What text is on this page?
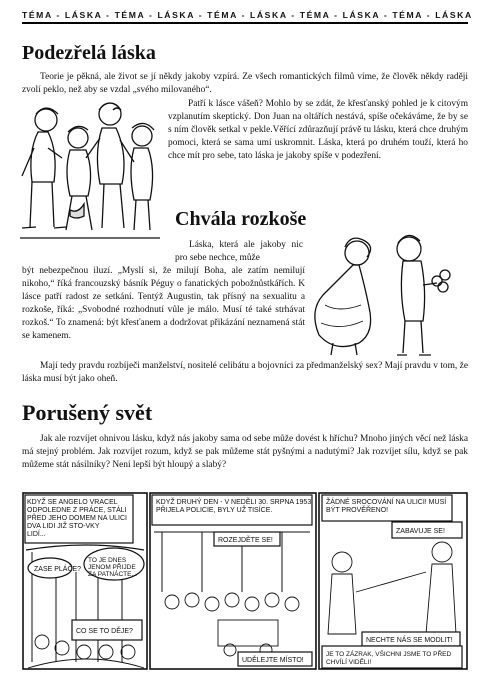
TÉMA - LÁSKA - TÉMA - LÁSKA - TÉMA - LÁSKA - TÉMA - LÁSKA - TÉMA - LÁSKA
Podezřelá láska

Teorie je pěkná, ale život se jí někdy jakoby vzpírá. Ze všech romantických filmů víme, že člověk někdy raději zvolí peklo, než aby se vzdal „svého milovaného“.

Patří k lásce vášeň? Mohlo by se zdát, že křesťanský pohled je k citovým vzplanutím skeptický. Don Juan na oltářích nestává, spíše očekáváme, že by se s ním člověk setkal v pekle.Věřící zdůrazňují právě tu lásku, která chce druhým pomoci, která se sama umí uskromnit. Láska, která po druhém touží, která ho chce mít pro sebe, tato láska je jakoby spíše v podezření.

Chvála rozkoše

Láska, která ale jakoby nic pro sebe nechce, může

být nebezpečnou iluzí. „Myslí si, že milují Boha, ale zatím nemilují nikoho,“ říká francouzský básník Péguy o fanatických pobožnůstkářích. K lásce patří radost ze setkání. Tentýž Augustin, tak přísný na sexualitu a rozkoše, říká: „Svobodné rozhodnutí vůle je málo. Musí té také strhávat rozkoš.“ To znamená: být křesťanem a dodržovat přikázání neznamená stát se kamenem.

Mají tedy pravdu rozbíječi manželství, nositelé celibátu a bojovníci za předmanželský sex? Mají pravdu v tom, že láska musí být jako oheň.

Porušený svět

Jak ale rozvíjet ohnivou lásku, když nás jakoby sama od sebe může dovést k hříchu? Mnoho jiných věcí než láska má stejný problém. Jak rozvíjet rozum, když se pak můžeme stát pyšnými a nadutými? Jak rozvíjet sílu, když se pak můžeme stát násilníky? Není lepší být hloupý a slabý?

KDYŽ SE ANGELO VRACEL ODPOLEDNE Z PRÁCE, STÁLI PŘED JEHO DOMEM NA ULICI DVA LIDI JIŽ STO-VKY LIDÍ...
ZASE PLÁČE?
TO JE DNES JENOM PŘIJDE ZA PATNÁCTE...
CO SE TO DĚJE?
KDYŽ DRUHÝ DEN - V NEDĚLI 30. SRPNA 1953 PŘIJELA POLICIE, BYLY UŽ TISÍCE.
ROZEJDĚTE SE!
UDĚLEJTE MÍSTO!
ŽÁDNÉ SROCOVÁNÍ NA ULICI! MUSÍ BÝT PROVĚŘENO!
ZABAVUJE SE!
NECHTE NÁS SE MODLIT!
JE TO ZÁZRAK, VŠICHNI JSME TO PŘED CHVÍLÍ VIDĚLI!
